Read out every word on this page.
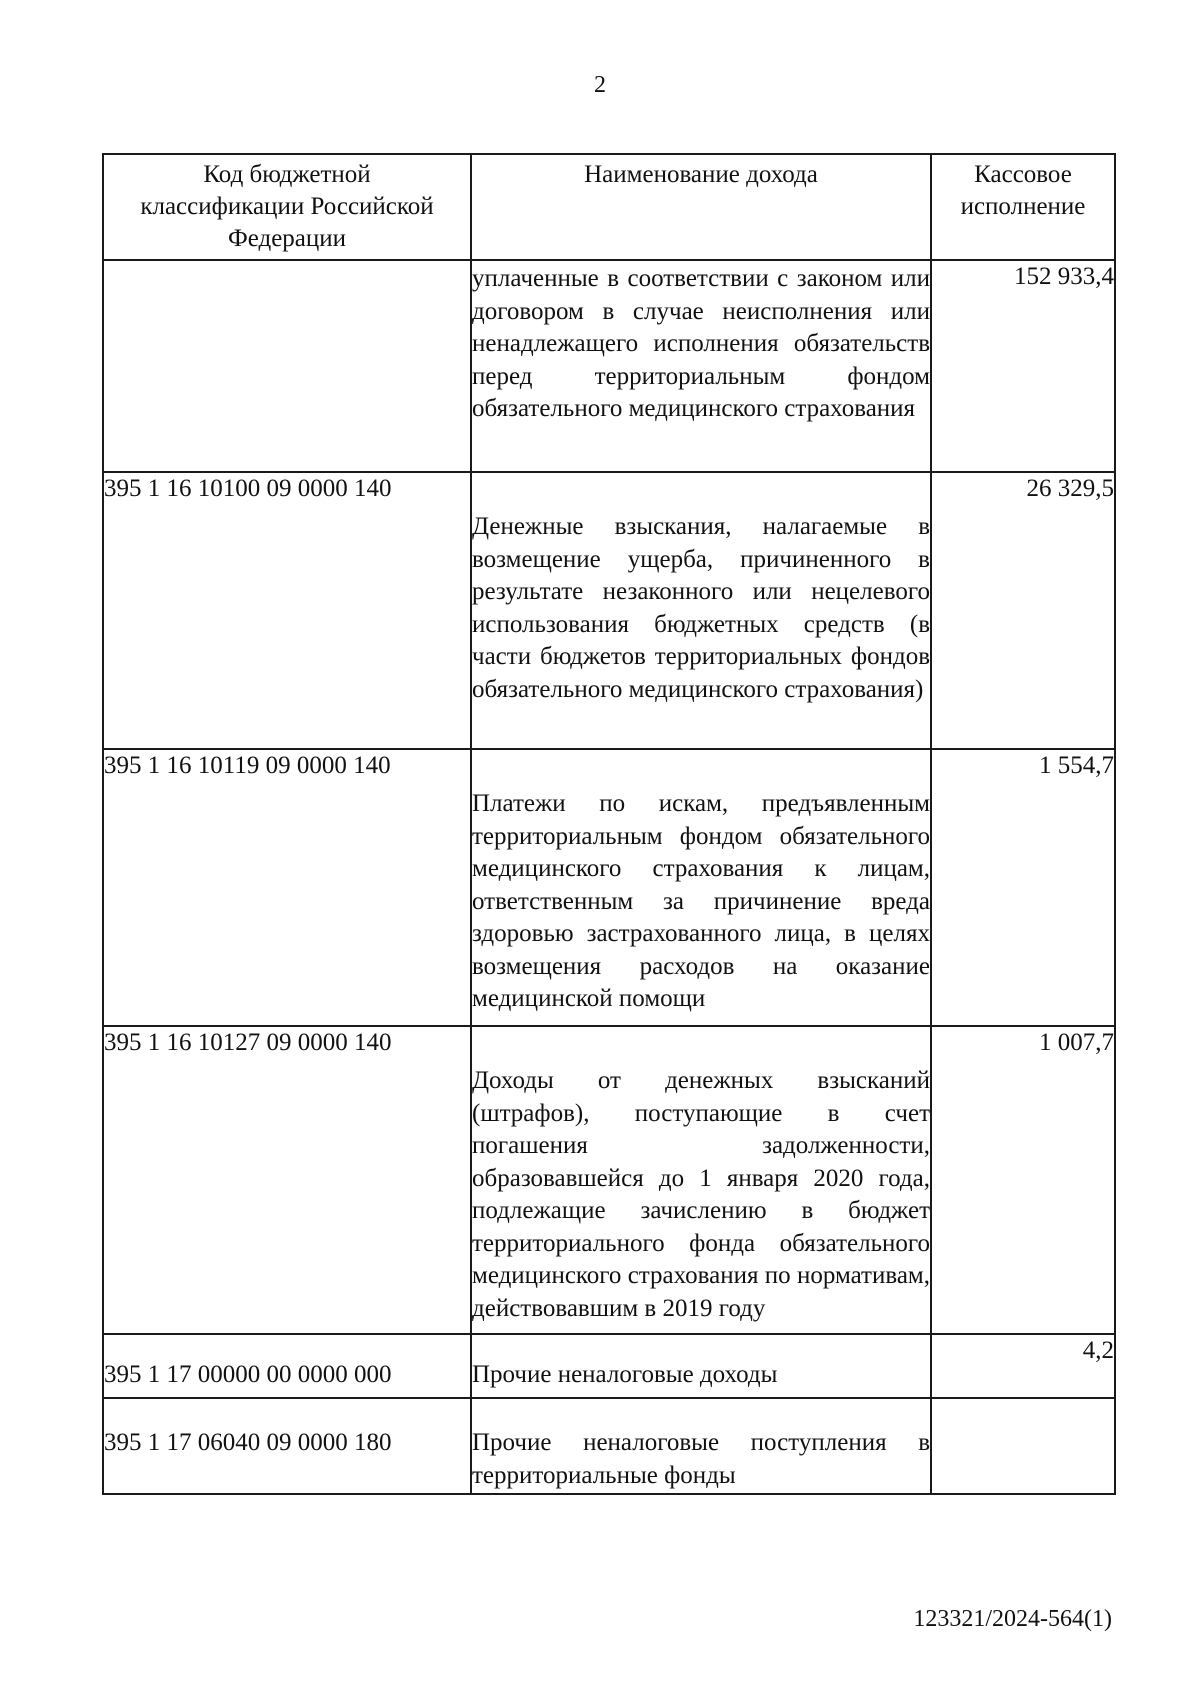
2
Код бюджетной классификации Российской Федерации	Наименование дохода	Кассовое исполнение

	уплаченные в соответствии с законом или договором в случае неисполнения или ненадлежащего исполнения обязательств перед территориальным фондом обязательного медицинского страхования	152 933,4
395 1 16 10100 09 0000 140	Денежные взыскания, налагаемые в возмещение ущерба, причиненного в результате незаконного или нецелевого использования бюджетных средств (в части бюджетов территориальных фондов обязательного медицинского страхования)	26 329,5
395 1 16 10119 09 0000 140	Платежи по искам, предъявленным территориальным фондом обязательного медицинского страхования к лицам, ответственным за причинение вреда здоровью застрахованного лица, в целях возмещения расходов на оказание медицинской помощи	1 554,7
395 1 16 10127 09 0000 140	Доходы от денежных взысканий (штрафов), поступающие в счет погашения задолженности, образовавшейся до 1 января 2020 года, подлежащие зачислению в бюджет территориального фонда обязательного медицинского страхования по нормативам, действовавшим в 2019 году	1 007,7
395 1 17 00000 00 0000 000	Прочие неналоговые доходы	4,2
395 1 17 06040 09 0000 180	Прочие неналоговые поступления в территориальные фонды	
123321/2024-564(1)
